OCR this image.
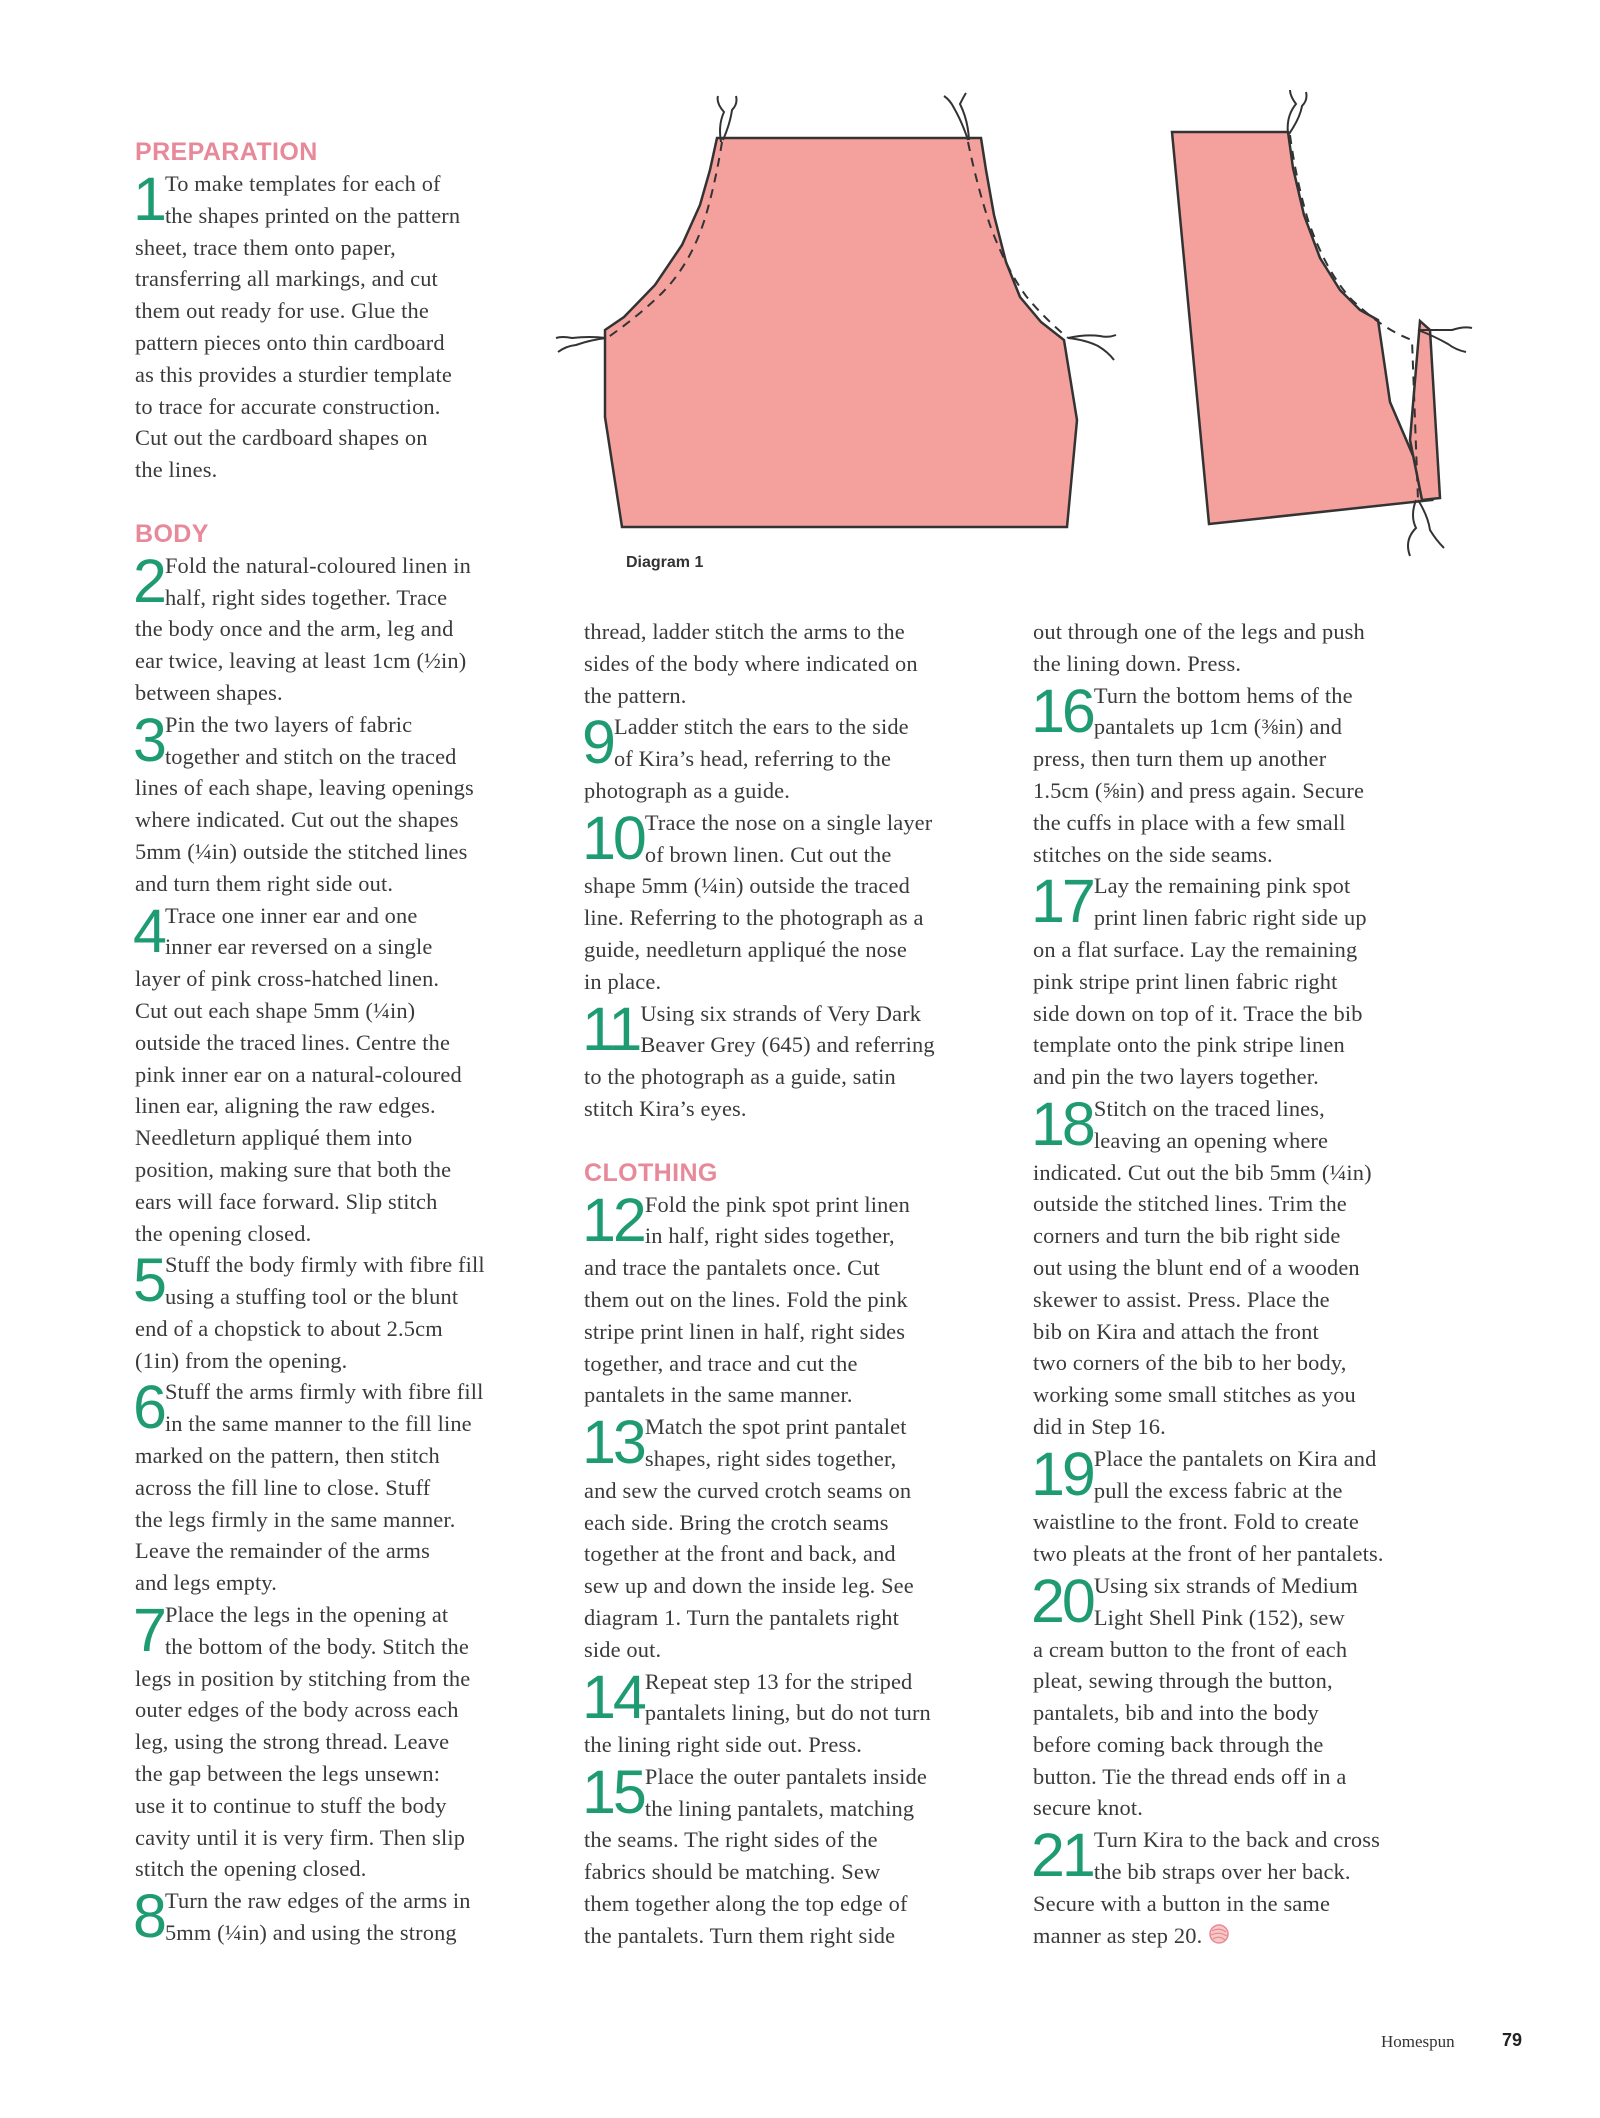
Diagram 1
PREPARATION
1 To make templates for each of
the shapes printed on the pattern
sheet, trace them onto paper,
transferring all markings, and cut
them out ready for use. Glue the
pattern pieces onto thin cardboard
as this provides a sturdier template
to trace for accurate construction.
Cut out the cardboard shapes on
the lines.
BODY
2 Fold the natural-coloured linen in
half, right sides together. Trace
the body once and the arm, leg and
ear twice, leaving at least 1cm (½in)
between shapes.
3 Pin the two layers of fabric
together and stitch on the traced
lines of each shape, leaving openings
where indicated. Cut out the shapes
5mm (¼in) outside the stitched lines
and turn them right side out.
4 Trace one inner ear and one
inner ear reversed on a single
layer of pink cross-hatched linen.
Cut out each shape 5mm (¼in)
outside the traced lines. Centre the
pink inner ear on a natural-coloured
linen ear, aligning the raw edges.
Needleturn appliqué them into
position, making sure that both the
ears will face forward. Slip stitch
the opening closed.
5 Stuff the body firmly with fibre fill
using a stuffing tool or the blunt
end of a chopstick to about 2.5cm
(1in) from the opening.
6 Stuff the arms firmly with fibre fill
in the same manner to the fill line
marked on the pattern, then stitch
across the fill line to close. Stuff
the legs firmly in the same manner.
Leave the remainder of the arms
and legs empty.
7 Place the legs in the opening at
the bottom of the body. Stitch the
legs in position by stitching from the
outer edges of the body across each
leg, using the strong thread. Leave
the gap between the legs unsewn:
use it to continue to stuff the body
cavity until it is very firm. Then slip
stitch the opening closed.
8 Turn the raw edges of the arms in
5mm (¼in) and using the strong
thread, ladder stitch the arms to the
sides of the body where indicated on
the pattern.
9 Ladder stitch the ears to the side
of Kira’s head, referring to the
photograph as a guide.
10 Trace the nose on a single layer
of brown linen. Cut out the
shape 5mm (¼in) outside the traced
line. Referring to the photograph as a
guide, needleturn appliqué the nose
in place.
11 Using six strands of Very Dark
Beaver Grey (645) and referring
to the photograph as a guide, satin
stitch Kira’s eyes.
CLOTHING
12 Fold the pink spot print linen
in half, right sides together,
and trace the pantalets once. Cut
them out on the lines. Fold the pink
stripe print linen in half, right sides
together, and trace and cut the
pantalets in the same manner.
13 Match the spot print pantalet
shapes, right sides together,
and sew the curved crotch seams on
each side. Bring the crotch seams
together at the front and back, and
sew up and down the inside leg. See
diagram 1. Turn the pantalets right
side out.
14 Repeat step 13 for the striped
pantalets lining, but do not turn
the lining right side out. Press.
15 Place the outer pantalets inside
the lining pantalets, matching
the seams. The right sides of the
fabrics should be matching. Sew
them together along the top edge of
the pantalets. Turn them right side
out through one of the legs and push
the lining down. Press.
16 Turn the bottom hems of the
pantalets up 1cm (⅜in) and
press, then turn them up another
1.5cm (⅝in) and press again. Secure
the cuffs in place with a few small
stitches on the side seams.
17 Lay the remaining pink spot
print linen fabric right side up
on a flat surface. Lay the remaining
pink stripe print linen fabric right
side down on top of it. Trace the bib
template onto the pink stripe linen
and pin the two layers together.
18 Stitch on the traced lines,
leaving an opening where
indicated. Cut out the bib 5mm (¼in)
outside the stitched lines. Trim the
corners and turn the bib right side
out using the blunt end of a wooden
skewer to assist. Press. Place the
bib on Kira and attach the front
two corners of the bib to her body,
working some small stitches as you
did in Step 16.
19 Place the pantalets on Kira and
pull the excess fabric at the
waistline to the front. Fold to create
two pleats at the front of her pantalets.
20 Using six strands of Medium
Light Shell Pink (152), sew
a cream button to the front of each
pleat, sewing through the button,
pantalets, bib and into the body
before coming back through the
button. Tie the thread ends off in a
secure knot.
21 Turn Kira to the back and cross
the bib straps over her back.
Secure with a button in the same
manner as step 20.
Homespun	79
